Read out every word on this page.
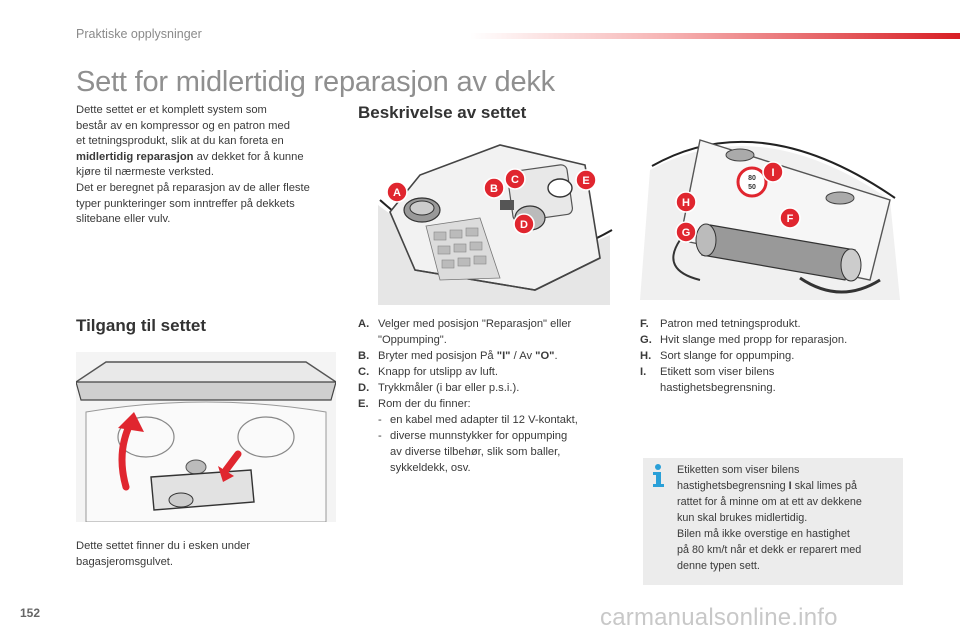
Praktiske opplysninger
Sett for midlertidig reparasjon av dekk
Dette settet er et komplett system som
består av en kompressor og en patron med
et tetningsprodukt, slik at du kan foreta en
midlertidig reparasjon av dekket for å kunne
kjøre til nærmeste verksted.
Det er beregnet på reparasjon av de aller fleste
typer punkteringer som inntreffer på dekkets
slitebane eller vulv.
Beskrivelse av settet
A	B
C
D
E	80
50
I
H
F
G
Tilgang til settet
Dette settet finner du i esken under
bagasjeromsgulvet.
A. Velger med posisjon "Reparasjon" eller
"Oppumping".
B. Bryter med posisjon På "I" / Av "O".
C. Knapp for utslipp av luft.
D. Trykkmåler (i bar eller p.s.i.).
E. Rom der du finner:
- en kabel med adapter til 12 V-kontakt,
- diverse munnstykker for oppumping
av diverse tilbehør, slik som baller,
sykkeldekk, osv.
F.	Patron med tetningsprodukt.
G. Hvit slange med propp for reparasjon.
H. Sort slange for oppumping.
I.	Etikett som viser bilens
hastighetsbegrensning.
Etiketten som viser bilens
hastighetsbegrensning I skal limes på
rattet for å minne om at ett av dekkene
kun skal brukes midlertidig.
Bilen må ikke overstige en hastighet
på 80 km/t når et dekk er reparert med
denne typen sett.
152	carmanualsonline.info
